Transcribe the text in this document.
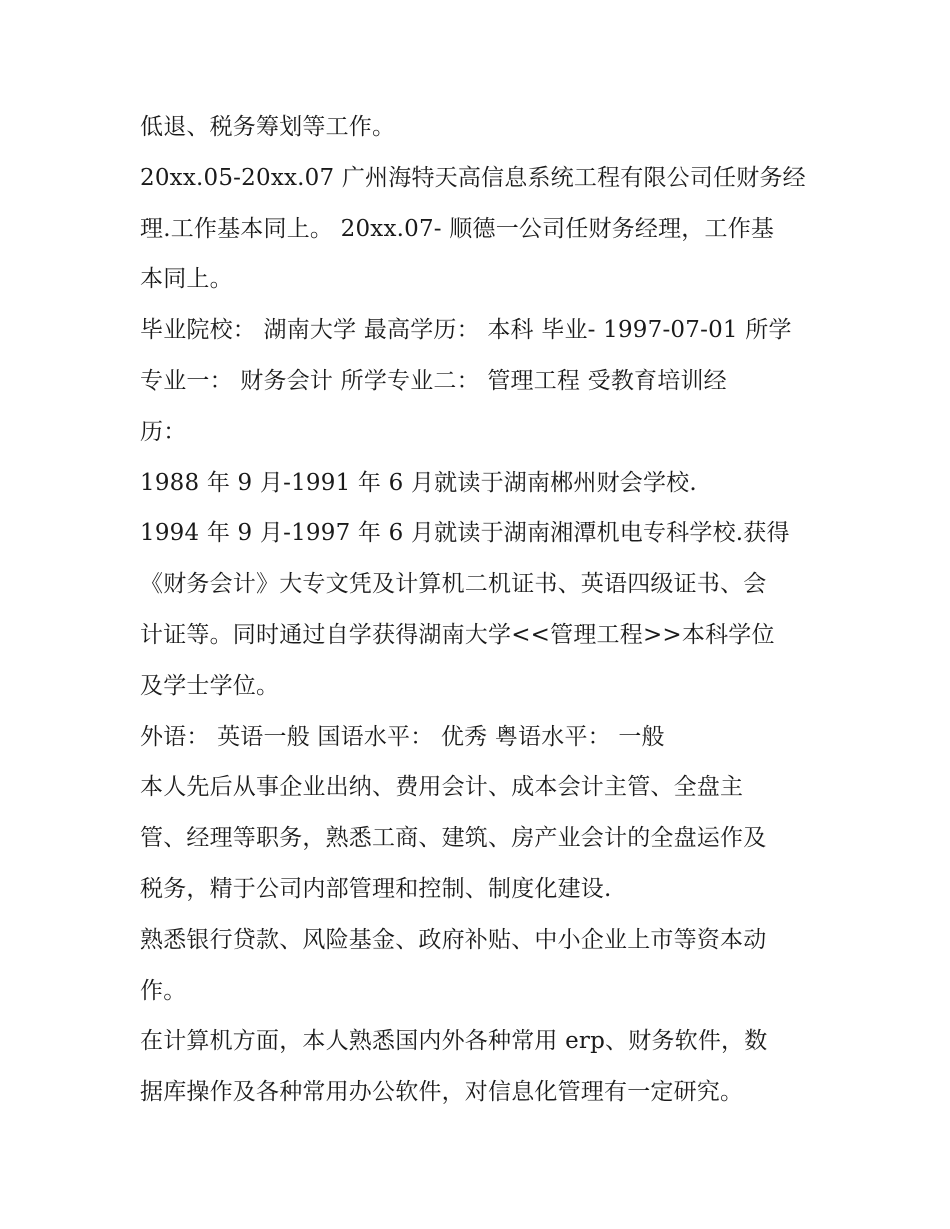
低退、税务筹划等工作。
20xx.05-20xx.07 广州海特天高信息系统工程有限公司任财务经
理.工作基本同上。 20xx.07- 顺德一公司任财务经理，工作基
本同上。
毕业院校： 湖南大学 最高学历： 本科 毕业- 1997-07-01 所学
专业一： 财务会计 所学专业二： 管理工程 受教育培训经
历：
1988 年 9 月-1991 年 6 月就读于湖南郴州财会学校.
1994 年 9 月-1997 年 6 月就读于湖南湘潭机电专科学校.获得
《财务会计》大专文凭及计算机二机证书、英语四级证书、会
计证等。同时通过自学获得湖南大学<<管理工程>>本科学位
及学士学位。
外语： 英语一般 国语水平： 优秀 粤语水平： 一般
本人先后从事企业出纳、费用会计、成本会计主管、全盘主
管、经理等职务，熟悉工商、建筑、房产业会计的全盘运作及
税务，精于公司内部管理和控制、制度化建设.
熟悉银行贷款、风险基金、政府补贴、中小企业上市等资本动
作。
在计算机方面，本人熟悉国内外各种常用 erp、财务软件，数
据库操作及各种常用办公软件，对信息化管理有一定研究。
